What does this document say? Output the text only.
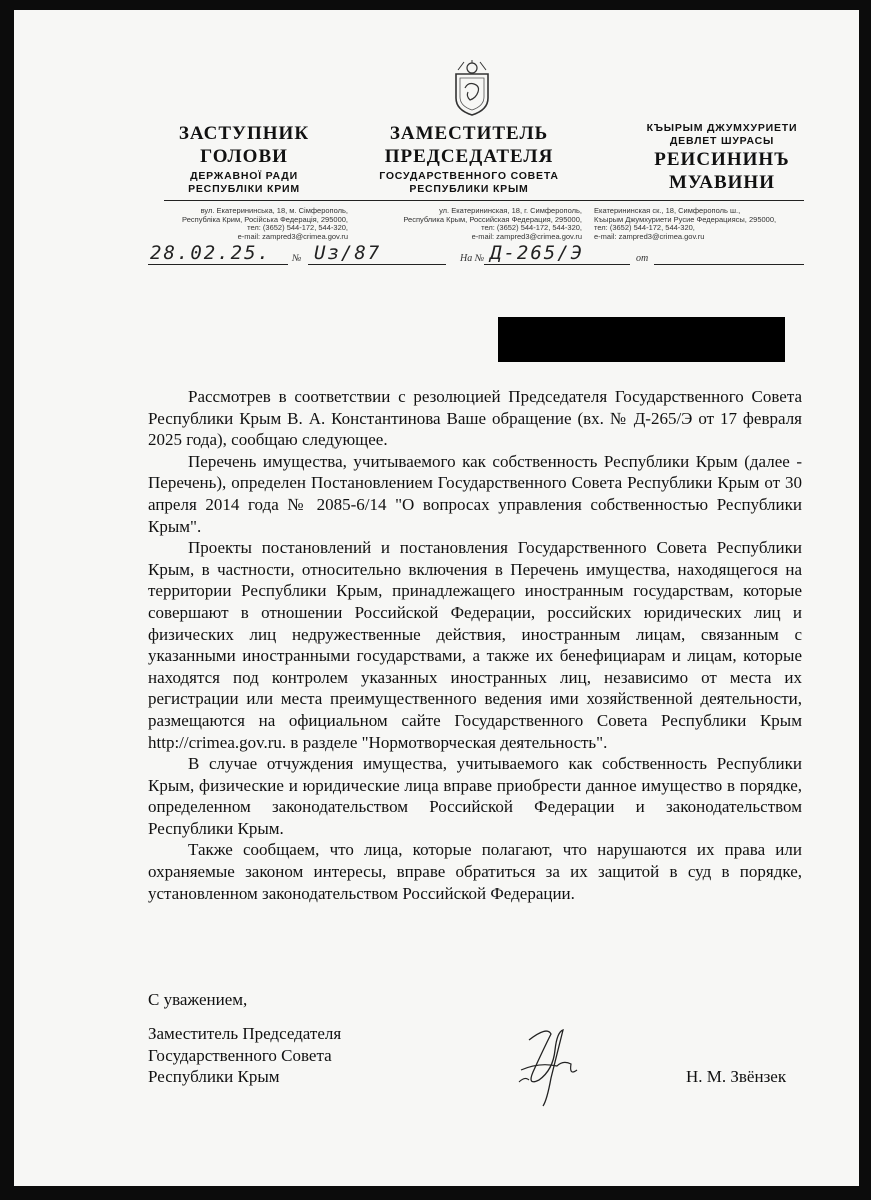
ЗАСТУПНИК
ГОЛОВИ
ДЕРЖАВНОЇ РАДИ
РЕСПУБЛІКИ КРИМ
ЗАМЕСТИТЕЛЬ
ПРЕДСЕДАТЕЛЯ
ГОСУДАРСТВЕННОГО СОВЕТА
РЕСПУБЛИКИ КРЫМ
КЪЫРЫМ ДЖУМХУРИЕТИ
ДЕВЛЕТ ШУРАСЫ
РЕИСИНИНЪ
МУАВИНИ
вул. Екатерининська, 18, м. Сімферополь,
Республіка Крим, Російська Федерація, 295000,
тел: (3652) 544-172, 544-320,
e-mail: zampred3@crimea.gov.ru
ул. Екатерининская, 18, г. Симферополь,
Республика Крым, Российская Федерация, 295000,
тел: (3652) 544-172, 544-320,
e-mail: zampred3@crimea.gov.ru
Екатерининская ск., 18, Симферополь ш.,
Къырым Джумхуриети Русие Федерациясы, 295000,
тел: (3652) 544-172, 544-320,
e-mail: zampred3@crimea.gov.ru
28.02.25. № Uз/87	На № Д-265/Э	от

Рассмотрев в соответствии с резолюцией Председателя Государственного Совета Республики Крым В. А. Константинова Ваше обращение (вх. № Д-265/Э от 17 февраля 2025 года), сообщаю следующее.

Перечень имущества, учитываемого как собственность Республики Крым (далее - Перечень), определен Постановлением Государственного Совета Республики Крым от 30 апреля 2014 года № 2085-6/14 "О вопросах управления собственностью Республики Крым".

Проекты постановлений и постановления Государственного Совета Республики Крым, в частности, относительно включения в Перечень имущества, находящегося на территории Республики Крым, принадлежащего иностранным государствам, которые совершают в отношении Российской Федерации, российских юридических лиц и физических лиц недружественные действия, иностранным лицам, связанным с указанными иностранными государствами, а также их бенефициарам и лицам, которые находятся под контролем указанных иностранных лиц, независимо от места их регистрации или места преимущественного ведения ими хозяйственной деятельности, размещаются на официальном сайте Государственного Совета Республики Крым http://crimea.gov.ru. в разделе "Нормотворческая деятельность".

В случае отчуждения имущества, учитываемого как собственность Республики Крым, физические и юридические лица вправе приобрести данное имущество в порядке, определенном законодательством Российской Федерации и законодательством Республики Крым.

Также сообщаем, что лица, которые полагают, что нарушаются их права или охраняемые законом интересы, вправе обратиться за их защитой в суд в порядке, установленном законодательством Российской Федерации.

С уважением,
Заместитель Председателя
Государственного Совета
Республики Крым	Н. М. Звёнзек
